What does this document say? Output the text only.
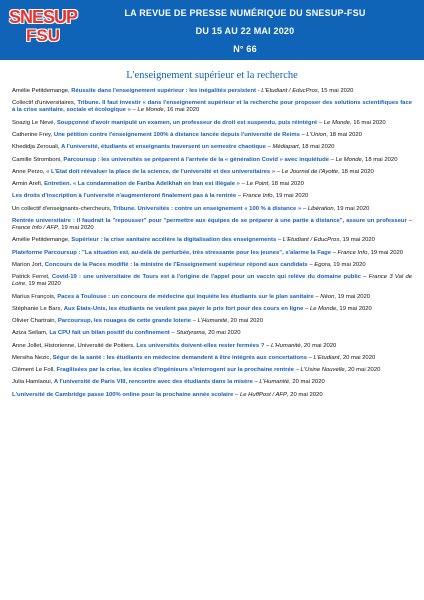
SNESUP
FSU
LA REVUE DE PRESSE NUMÉRIQUE DU SNESUP-FSU
DU 15 AU 22 MAI 2020
N° 66
L'enseignement supérieur et la recherche

Amélie Petitdemange, Réussite dans l'enseignement supérieur : les inégalités persistent - L'Etudiant / EducPros, 15 mai 2020

Collectif d'universitaires, Tribune. Il faut investir « dans l'enseignement supérieur et la recherche pour proposer des solutions scientifiques face à la crise sanitaire, sociale et écologique » – Le Monde, 16 mai 2020

Soazig Le Nevé, Soupçonné d'avoir manipulé un examen, un professeur de droit est suspendu, puis réintégré – Le Monde, 16 mai 2020

Catherine Frey, Une pétition contre l'enseignement 100% à distance lancée depuis l'université de Reims – L'Union, 18 mai 2020

Khedidja Zerouali, A l'université, étudiants et enseignants traversent un semestre chaotique – Médiapart, 18 mai 2020

Camille Stromboni, Parcoursup : les universités se préparent à l'arrivée de la « génération Covid » avec inquiétude – Le Monde, 18 mai 2020

Anne Perzo, « L'Etat doit réévaluer la place de la science, de l'université et des universitaires » – Le Journal de l'Ayotte, 18 mai 2020

Armin Arefi, Entretien. « La condamnation de Fariba Adelkhah en Iran est illégale » – Le Point, 18 mai 2020

Les droits d'inscription à l'université n'augmenteront finalement pas à la rentrée – France Info, 19 mai 2020

Un collectif d'enseignants-chercheurs, Tribune. Universités : contre un enseignement « 100 % à distance » – Libération, 19 mai 2020

Rentrée universitaire : il faudrait la "repousser" pour "permettre aux équipes de se préparer à une partie à distance", assure un professeur – France Info / AFP, 19 mai 2020

Amélie Petitdemange, Supérieur : la crise sanitaire accélère la digitalisation des enseignements – L'Etudiant / EducPros, 19 mai 2020

Plateforme Parcoursup : "La situation est, au-delà de perturbée, très stressante pour les jeunes", s'alarme la Fage – France Info, 19 mai 2020

Marion Jort, Concours de la Paces modifié : la ministre de l'Enseignement supérieur répond aux candidats – Egora, 19 mai 2020

Patrick Ferret, Covid-19 : une universitaire de Tours est à l'origine de l'appel pour un vaccin qui relève du domaine public – France 3 Val de Loire, 19 mai 2020

Marius François, Paces à Toulouse : un concours de médecine qui inquiète les étudiants sur le plan sanitaire – Néon, 19 mai 2020

Stéphanie Le Bars, Aux Etats-Unis, les étudiants ne veulent pas payer le prix fort pour des cours en ligne – Le Monde, 19 mai 2020

Olivier Chartrain, Parcoursup, les rouages de cette grande loterie – L'Humanité, 20 mai 2020

Aziza Sellam, La CPU fait un bilan positif du confinement – Studyrama, 20 mai 2020

Anne Jollet, Historienne, Université de Poitiers. Les universités doivent-elles rester fermées ? – L'Humanité, 20 mai 2020

Mersiha Nezic, Ségur de la santé : les étudiants en médecine demandent à être intégrés aux concertations – L'Etudiant, 20 mai 2020

Clément Le Foll, Fragilisées par la crise, les écoles d'ingénieurs s'interrogent sur la prochaine rentrée – L'Usine Nouvelle, 20 mai 2020

Julia Hamlaoui, A l'université de Paris VIII, rencontre avec des étudiants dans la misère – L'Humanité, 20 mai 2020

L'université de Cambridge passe 100% online pour la prochaine année scolaire – Le HuffPost / AFP, 20 mai 2020
